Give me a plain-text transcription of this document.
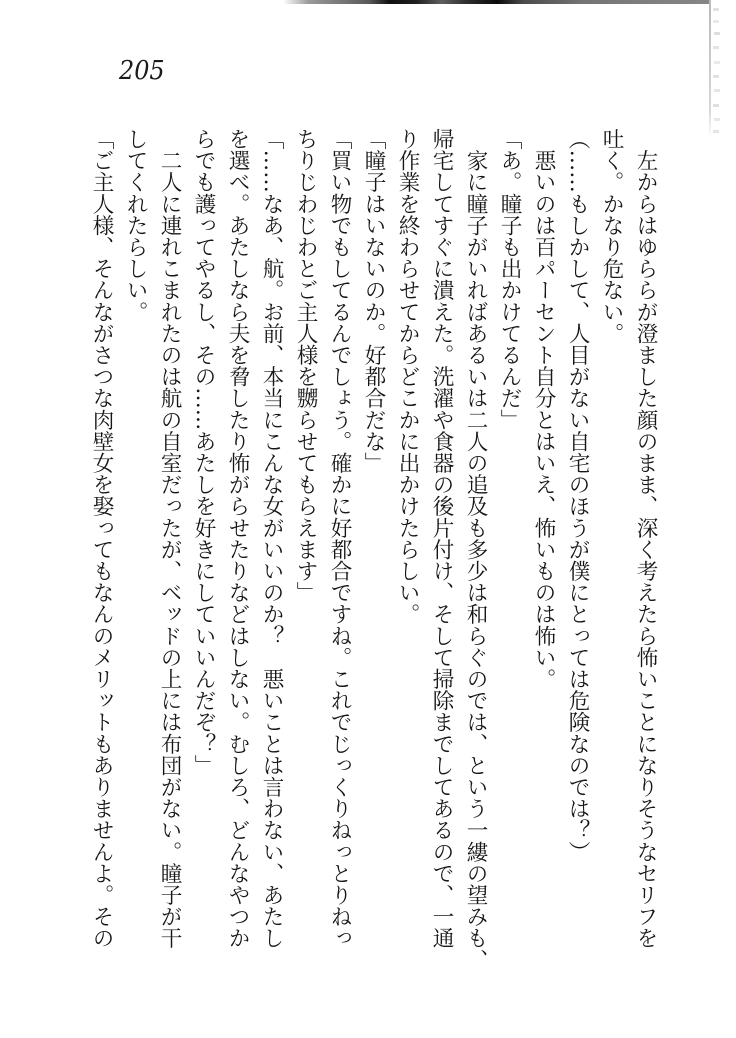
205
　左からはゆららが澄ました顔のまま、深く考えたら怖いことになりそうなセリフを
吐く。かなり危ない。
（……もしかして、人目がない自宅のほうが僕にとっては危険なのでは？）
　悪いのは百パーセント自分とはいえ、怖いものは怖い。
「あ。瞳子も出かけてるんだ」
　家に瞳子がいればあるいは二人の追及も多少は和らぐのでは、という一縷の望みも、
帰宅してすぐに潰えた。洗濯や食器の後片付け、そして掃除までしてあるので、一通
り作業を終わらせてからどこかに出かけたらしい。
「瞳子はいないのか。好都合だな」
「買い物でもしてるんでしょう。確かに好都合ですね。これでじっくりねっとりねっ
ちりじわじわとご主人様を嬲らせてもらえます」
「……なあ、航。お前、本当にこんな女がいいのか？　悪いことは言わない、あたし
を選べ。あたしなら夫を脅したり怖がらせたりなどはしない。むしろ、どんなやつか
らでも護ってやるし、その……あたしを好きにしていいんだぞ？」
　二人に連れこまれたのは航の自室だったが、ベッドの上には布団がない。瞳子が干
してくれたらしい。
「ご主人様、そんながさつな肉壁女を娶ってもなんのメリットもありませんよ。その
